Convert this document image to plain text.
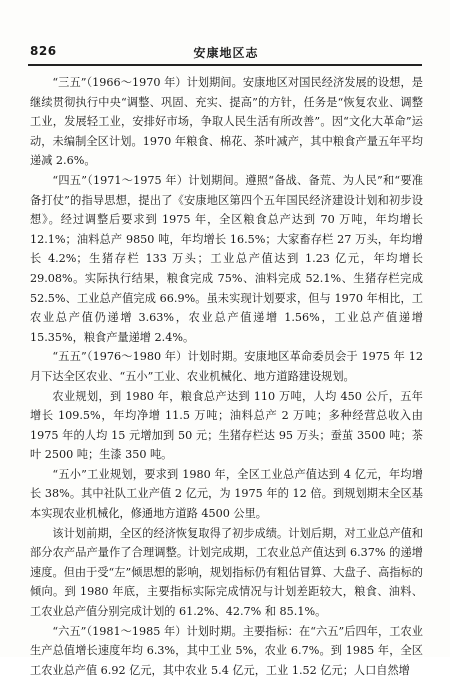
826	安康地区志

“三五”（1966～1970 年）计划期间。安康地区对国民经济发展的设想，是继续贯彻执行中央“调整、巩固、充实、提高”的方针，任务是“恢复农业、调整工业，发展轻工业，安排好市场，争取人民生活有所改善”。因“文化大革命”运动，未编制全区计划。1970 年粮食、棉花、茶叶减产，其中粮食产量五年平均递减 2.6%。

“四五”（1971～1975 年）计划期间。遵照“备战、备荒、为人民”和“要准备打仗”的指导思想，提出了《安康地区第四个五年国民经济建设计划和初步设想》。经过调整后要求到 1975 年，全区粮食总产达到 70 万吨，年均增长 12.1%；油料总产 9850 吨，年均增长 16.5%；大家畜存栏 27 万头，年均增长 4.2%；生猪存栏 133 万头；工业总产值达到 1.23 亿元，年均增长 29.08%。实际执行结果，粮食完成 75%、油料完成 52.1%、生猪存栏完成 52.5%、工业总产值完成 66.9%。虽未实现计划要求，但与 1970 年相比，工农业总产值仍递增 3.63%，农业总产值递增 1.56%，工业总产值递增 15.35%，粮食产量递增 2.4%。

“五五”（1976～1980 年）计划时期。安康地区革命委员会于 1975 年 12 月下达全区农业、“五小”工业、农业机械化、地方道路建设规划。

农业规划，到 1980 年，粮食总产达到 110 万吨，人均 450 公斤，五年增长 109.5%，年均净增 11.5 万吨；油料总产 2 万吨；多种经营总收入由 1975 年的人均 15 元增加到 50 元；生猪存栏达 95 万头；蚕茧 3500 吨；茶叶 2500 吨；生漆 350 吨。

“五小”工业规划，要求到 1980 年，全区工业总产值达到 4 亿元，年均增长 38%。其中社队工业产值 2 亿元，为 1975 年的 12 倍。到规划期末全区基本实现农业机械化，修通地方道路 4500 公里。

该计划前期，全区的经济恢复取得了初步成绩。计划后期，对工业总产值和部分农产品产量作了合理调整。计划完成期，工农业总产值达到 6.37% 的递增速度。但由于受“左”倾思想的影响，规划指标仍有粗估冒算、大盘子、高指标的倾向。到 1980 年底，主要指标实际完成情况与计划差距较大，粮食、油料、工农业总产值分别完成计划的 61.2%、42.7% 和 85.1%。

“六五”（1981～1985 年）计划时期。主要指标：在“六五”后四年，工农业生产总值增长速度年均 6.3%，其中工业 5%，农业 6.7%。到 1985 年，全区工农业总产值 6.92 亿元，其中农业 5.4 亿元，工业 1.52 亿元；人口自然增
